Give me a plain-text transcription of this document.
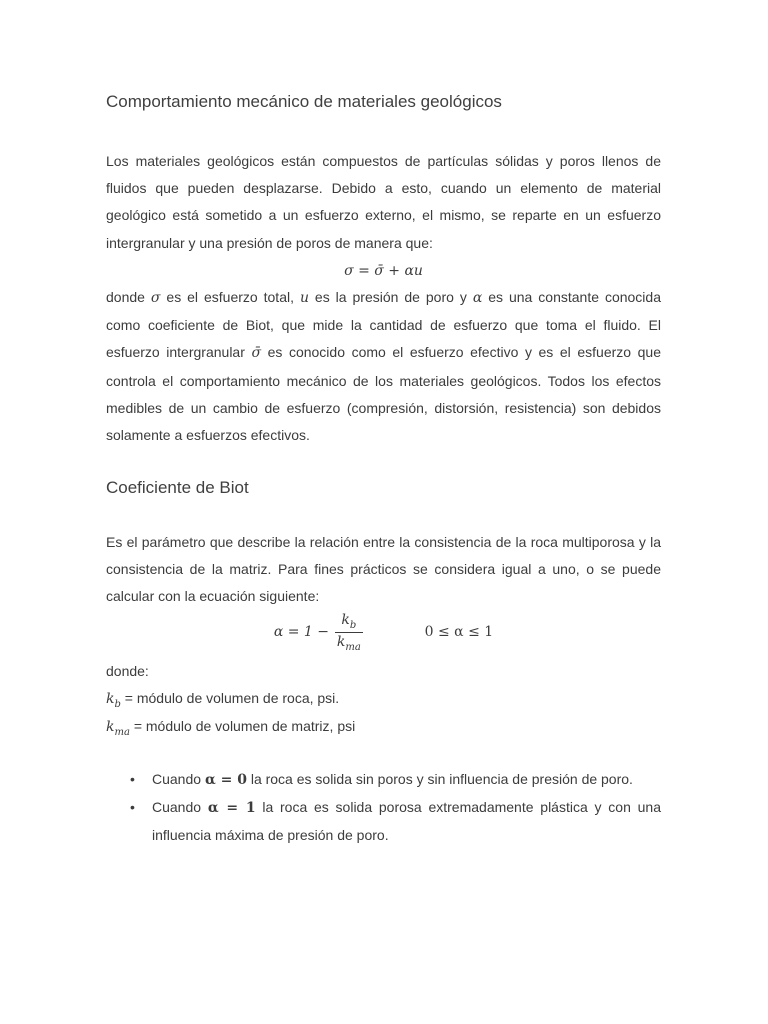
Comportamiento mecánico de materiales geológicos

Los materiales geológicos están compuestos de partículas sólidas y poros llenos de fluidos que pueden desplazarse. Debido a esto, cuando un elemento de material geológico está sometido a un esfuerzo externo, el mismo, se reparte en un esfuerzo intergranular y una presión de poros de manera que:

σ = σ̄ + αu

donde σ es el esfuerzo total, u es la presión de poro y α es una constante conocida como coeficiente de Biot, que mide la cantidad de esfuerzo que toma el fluido. El esfuerzo intergranular σ̄ es conocido como el esfuerzo efectivo y es el esfuerzo que controla el comportamiento mecánico de los materiales geológicos. Todos los efectos medibles de un cambio de esfuerzo (compresión, distorsión, resistencia) son debidos solamente a esfuerzos efectivos.

Coeficiente de Biot

Es el parámetro que describe la relación entre la consistencia de la roca multiporosa y la consistencia de la matriz. Para fines prácticos se considera igual a uno, o se puede calcular con la ecuación siguiente:

$\alpha = 1 - \frac{k_b}{k_{ma}}$	0 ≤ α ≤ 1
donde:
$k_b$ = módulo de volumen de roca, psi.
$k_{ma}$ = módulo de volumen de matriz, psi
• Cuando α = 0 la roca es solida sin poros y sin influencia de presión de poro.
• Cuando α = 1 la roca es solida porosa extremadamente plástica y con una influencia máxima de presión de poro.
